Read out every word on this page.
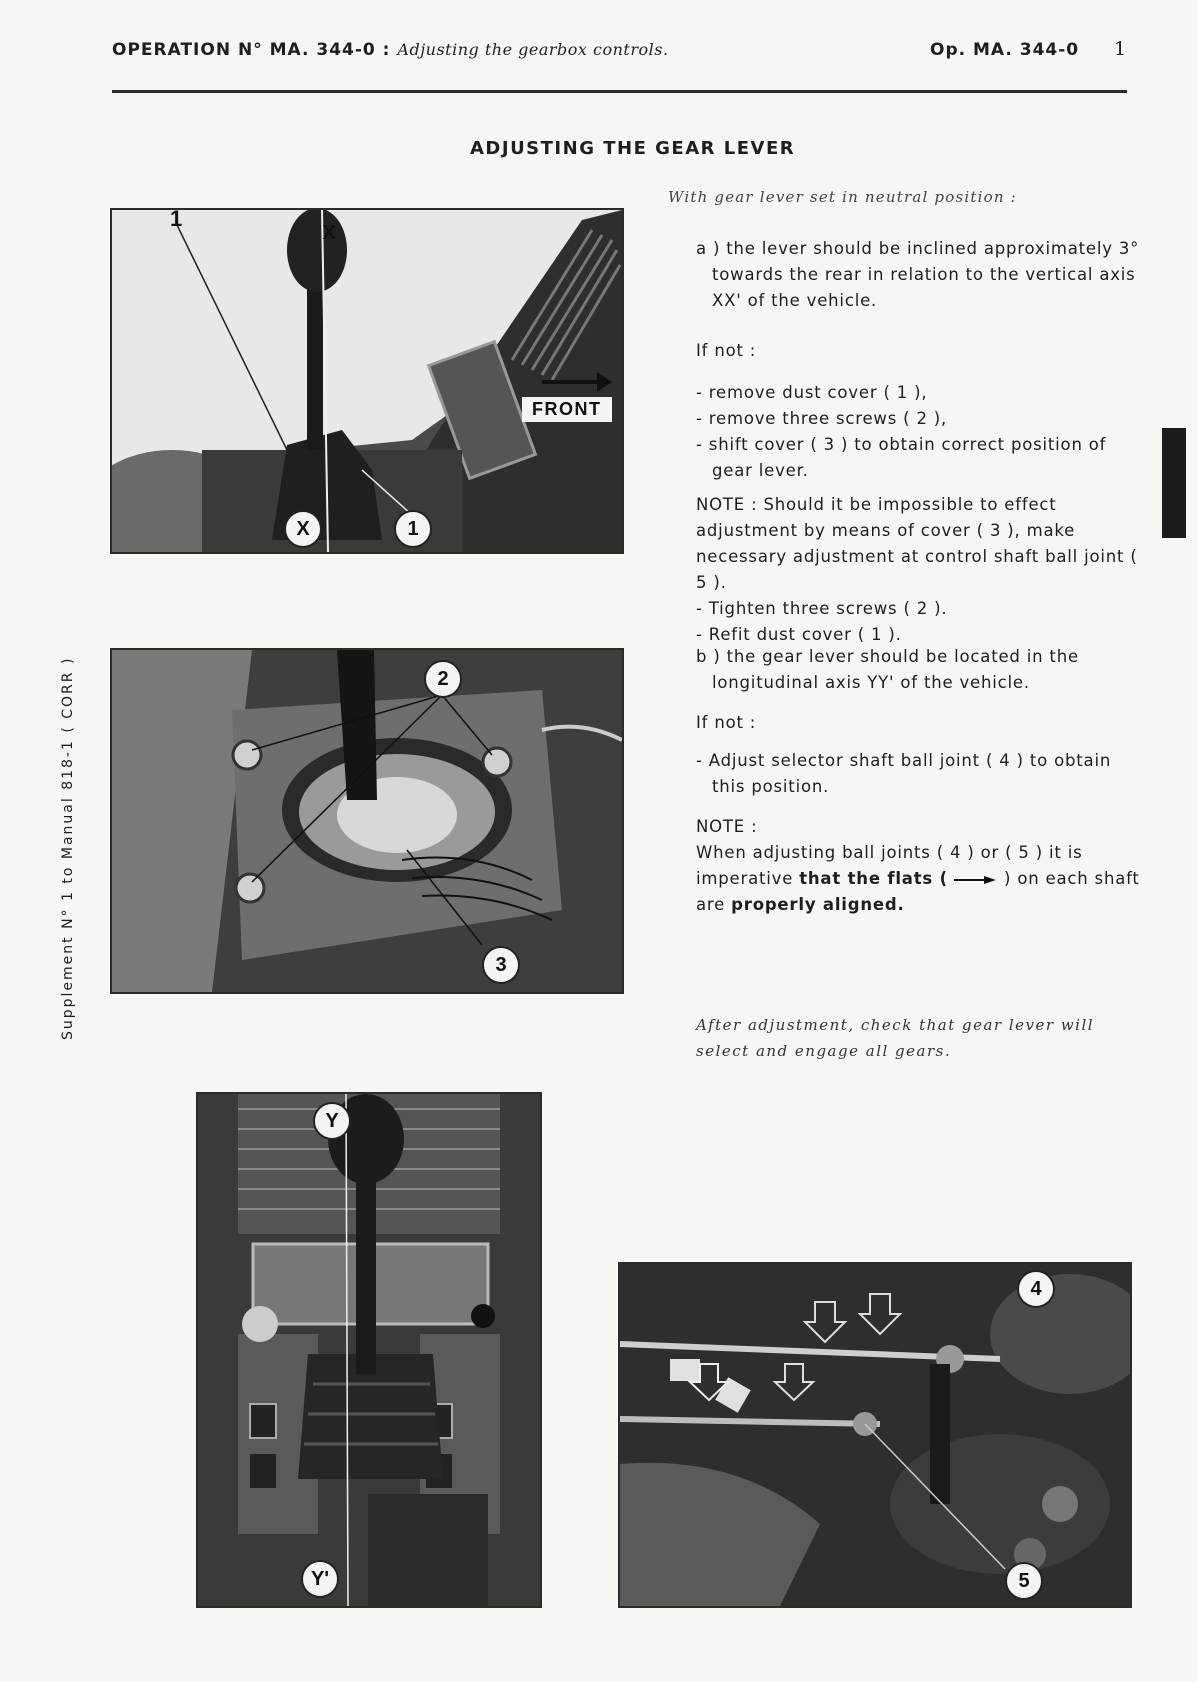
OPERATION N° MA. 344-0 : Adjusting the gearbox controls.	Op. MA. 344-0 1
ADJUSTING THE GEAR LEVER
Supplement N° 1 to Manual 818-1 ( CORR )
1
X
FRONT
X	1
2
3
Y
Y'
4
5
With gear lever set in neutral position :

a ) the lever should be inclined approximately 3° towards the rear in relation to the vertical axis XX' of the vehicle.

If not :

- remove dust cover ( 1 ),

- remove three screws ( 2 ),

- shift cover ( 3 ) to obtain correct position of gear lever.

NOTE : Should it be impossible to effect adjustment by means of cover ( 3 ), make necessary adjustment at control shaft ball joint ( 5 ).

- Tighten three screws ( 2 ).

- Refit dust cover ( 1 ).

b ) the gear lever should be located in the longitudinal axis YY' of the vehicle.

If not :

- Adjust selector shaft ball joint ( 4 ) to obtain this position.

NOTE :

When adjusting ball joints ( 4 ) or ( 5 ) it is imperative that the flats (	) on each shaft are properly aligned.

After adjustment, check that gear lever will select and engage all gears.
